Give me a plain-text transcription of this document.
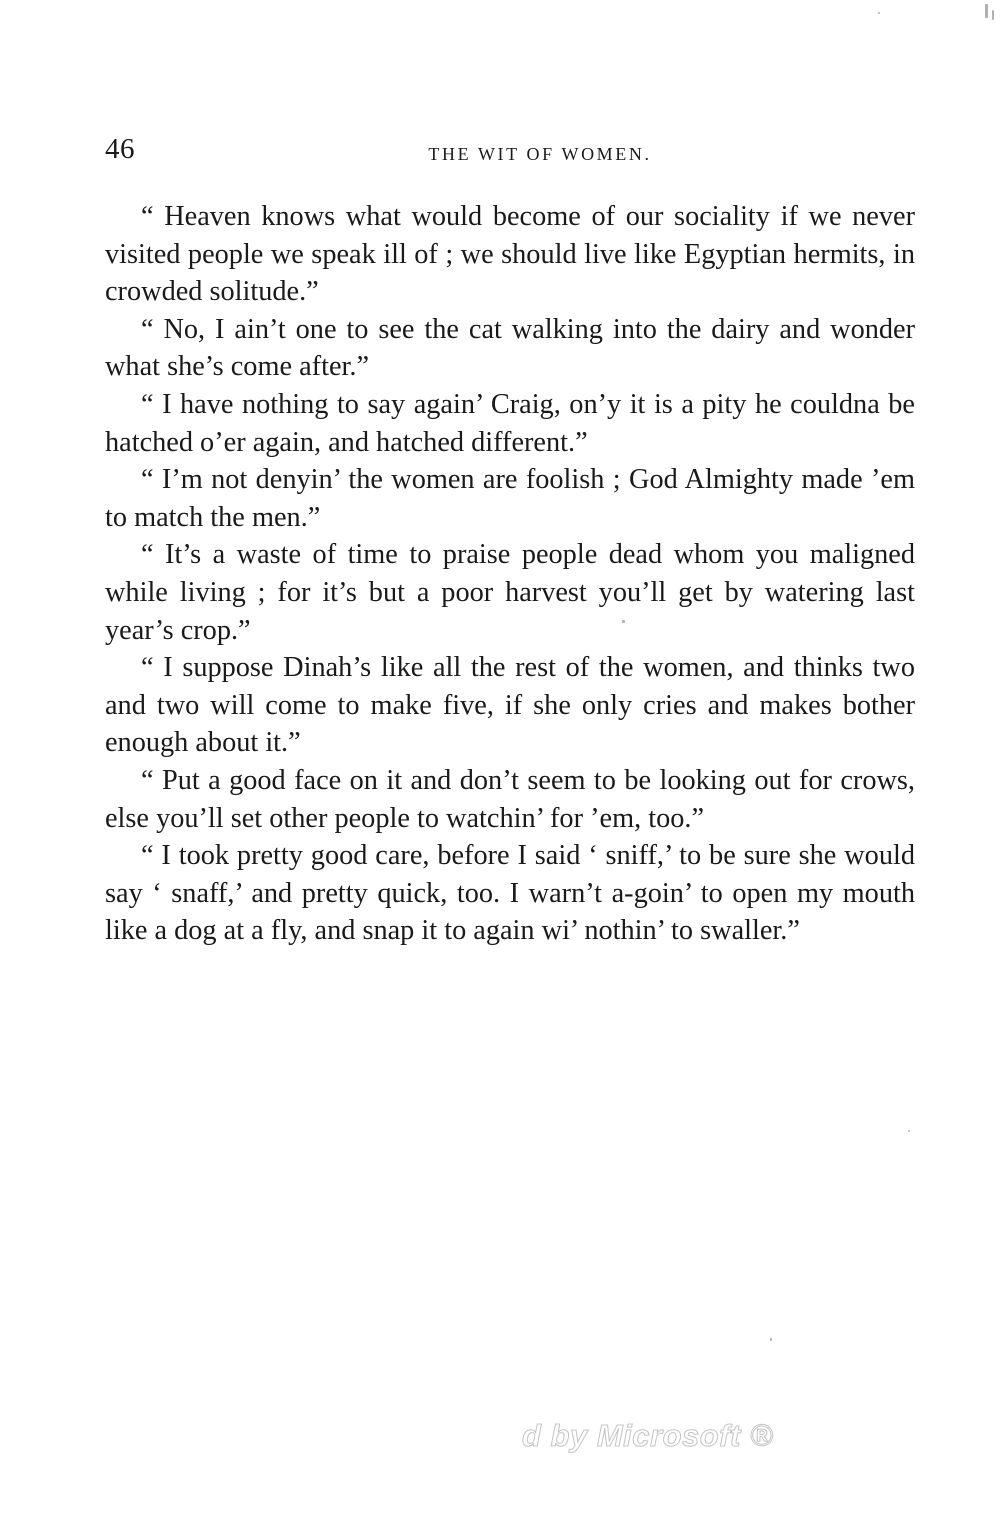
46	THE WIT OF WOMEN.

“ Heaven knows what would become of our sociality if we never visited people we speak ill of ; we should live like Egyptian hermits, in crowded solitude.”

“ No, I ain’t one to see the cat walking into the dairy and wonder what she’s come after.”

“ I have nothing to say again’ Craig, on’y it is a pity he couldna be hatched o’er again, and hatched different.”

“ I’m not denyin’ the women are foolish ; God Almighty made ’em to match the men.”

“ It’s a waste of time to praise people dead whom you maligned while living ; for it’s but a poor harvest you’ll get by watering last year’s crop.”

“ I suppose Dinah’s like all the rest of the women, and thinks two and two will come to make five, if she only cries and makes bother enough about it.”

“ Put a good face on it and don’t seem to be looking out for crows, else you’ll set other people to watchin’ for ’em, too.”

“ I took pretty good care, before I said ‘ sniff,’ to be sure she would say ‘ snaff,’ and pretty quick, too. I warn’t a-goin’ to open my mouth like a dog at a fly, and snap it to again wi’ nothin’ to swaller.”

d by Microsoft ®
